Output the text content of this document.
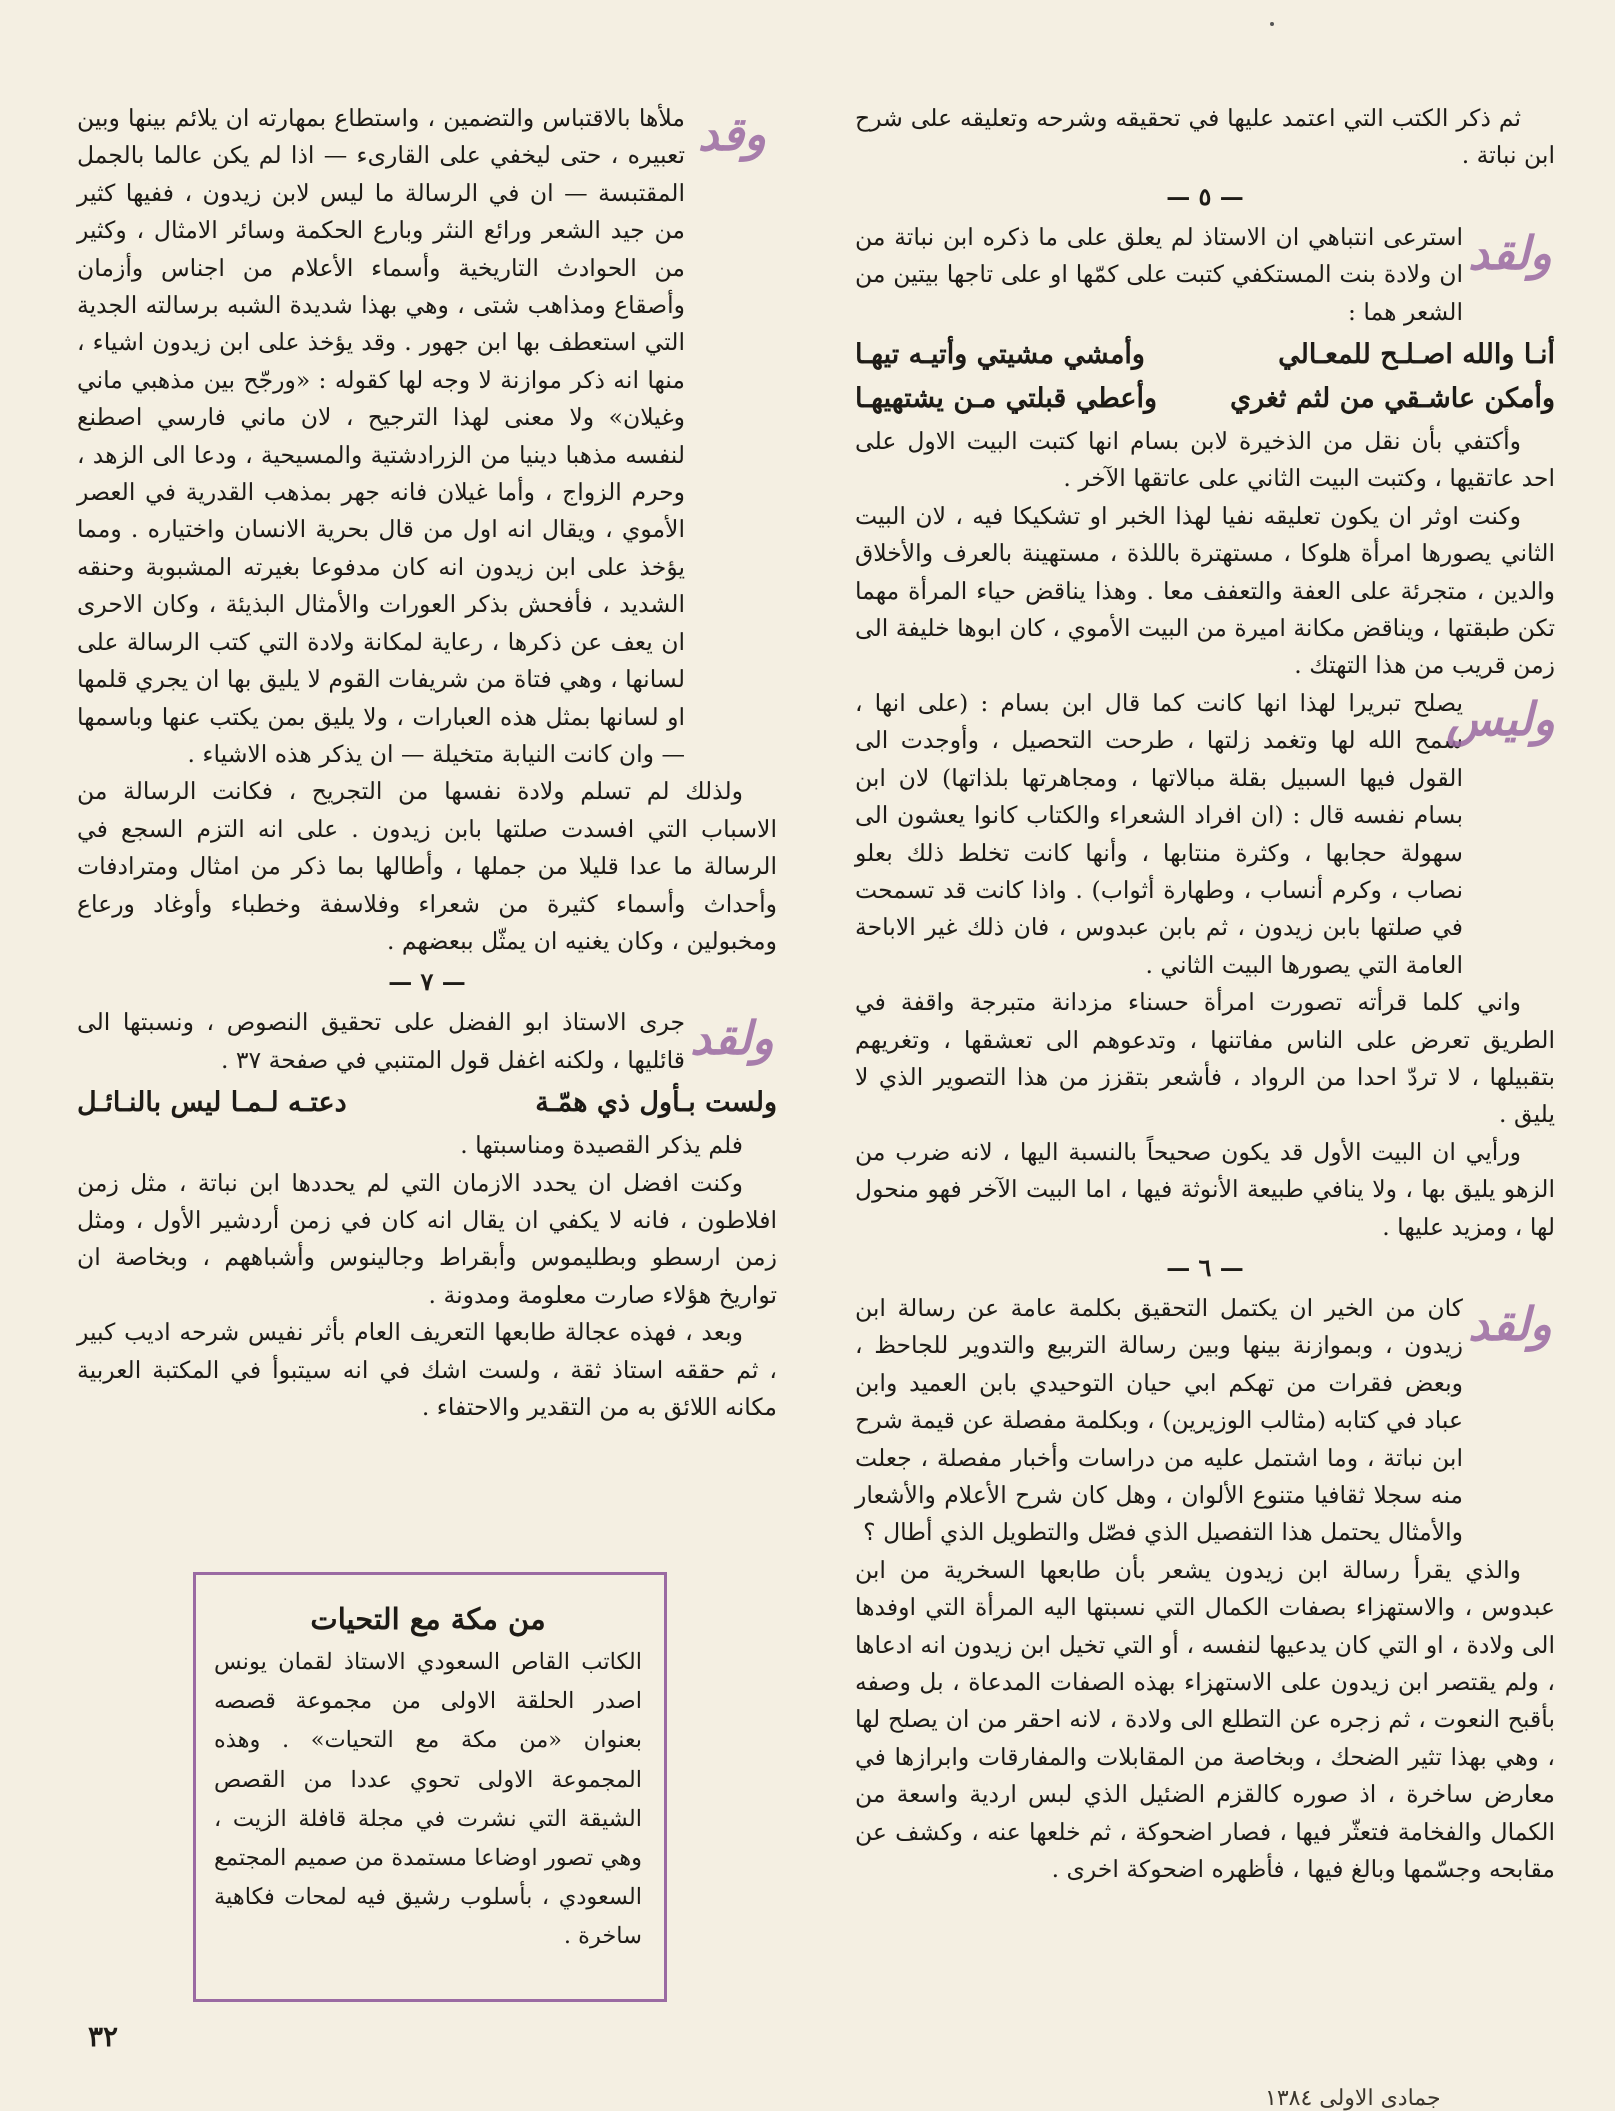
ثم ذكر الكتب التي اعتمد عليها في تحقيقه وشرحه وتعليقه على شرح ابن نباتة .

— ٥ —
ولقد

استرعى انتباهي ان الاستاذ لم يعلق على ما ذكره ابن نباتة من ان ولادة بنت المستكفي كتبت على كمّها او على تاجها بيتين من الشعر هما :

أنـا والله اصـلـح للمعـالي
وأمشي مشيتي وأتيـه تيهـا
وأمكن عاشـقي من لثم ثغري
وأعطي قبلتي مـن يشتهيهـا

وأكتفي بأن نقل من الذخيرة لابن بسام انها كتبت البيت الاول على احد عاتقيها ، وكتبت البيت الثاني على عاتقها الآخر .

وكنت اوثر ان يكون تعليقه نفيا لهذا الخبر او تشكيكا فيه ، لان البيت الثاني يصورها امرأة هلوكا ، مستهترة باللذة ، مستهينة بالعرف والأخلاق والدين ، متجرئة على العفة والتعفف معا . وهذا يناقض حياء المرأة مهما تكن طبقتها ، ويناقض مكانة اميرة من البيت الأموي ، كان ابوها خليفة الى زمن قريب من هذا التهتك .

وليس

يصلح تبريرا لهذا انها كانت كما قال ابن بسام : (على انها ، سمح الله لها وتغمد زلتها ، طرحت التحصيل ، وأوجدت الى القول فيها السبيل بقلة مبالاتها ، ومجاهرتها بلذاتها) لان ابن بسام نفسه قال : (ان افراد الشعراء والكتاب كانوا يعشون الى سهولة حجابها ، وكثرة منتابها ، وأنها كانت تخلط ذلك بعلو نصاب ، وكرم أنساب ، وطهارة أثواب) . واذا كانت قد تسمحت في صلتها بابن زيدون ، ثم بابن عبدوس ، فان ذلك غير الاباحة العامة التي يصورها البيت الثاني .

واني كلما قرأته تصورت امرأة حسناء مزدانة متبرجة واقفة في الطريق تعرض على الناس مفاتنها ، وتدعوهم الى تعشقها ، وتغريهم بتقبيلها ، لا تردّ احدا من الرواد ، فأشعر بتقزز من هذا التصوير الذي لا يليق .

ورأيي ان البيت الأول قد يكون صحيحاً بالنسبة اليها ، لانه ضرب من الزهو يليق بها ، ولا ينافي طبيعة الأنوثة فيها ، اما البيت الآخر فهو منحول لها ، ومزيد عليها .

— ٦ —
ولقد

كان من الخير ان يكتمل التحقيق بكلمة عامة عن رسالة ابن زيدون ، وبموازنة بينها وبين رسالة التربيع والتدوير للجاحظ ، وبعض فقرات من تهكم ابي حيان التوحيدي بابن العميد وابن عباد في كتابه (مثالب الوزيرين) ، وبكلمة مفصلة عن قيمة شرح ابن نباتة ، وما اشتمل عليه من دراسات وأخبار مفصلة ، جعلت منه سجلا ثقافيا متنوع الألوان ، وهل كان شرح الأعلام والأشعار والأمثال يحتمل هذا التفصيل الذي فصّل والتطويل الذي أطال ؟

والذي يقرأ رسالة ابن زيدون يشعر بأن طابعها السخرية من ابن عبدوس ، والاستهزاء بصفات الكمال التي نسبتها اليه المرأة التي اوفدها الى ولادة ، او التي كان يدعيها لنفسه ، أو التي تخيل ابن زيدون انه ادعاها ، ولم يقتصر ابن زيدون على الاستهزاء بهذه الصفات المدعاة ، بل وصفه بأقبح النعوت ، ثم زجره عن التطلع الى ولادة ، لانه احقر من ان يصلح لها ، وهي بهذا تثير الضحك ، وبخاصة من المقابلات والمفارقات وابرازها في معارض ساخرة ، اذ صوره كالقزم الضئيل الذي لبس اردية واسعة من الكمال والفخامة فتعثّر فيها ، فصار اضحوكة ، ثم خلعها عنه ، وكشف عن مقابحه وجسّمها وبالغ فيها ، فأظهره اضحوكة اخرى .

وقد

ملأها بالاقتباس والتضمين ، واستطاع بمهارته ان يلائم بينها وبين تعبيره ، حتى ليخفي على القارىء — اذا لم يكن عالما بالجمل المقتبسة — ان في الرسالة ما ليس لابن زيدون ، ففيها كثير من جيد الشعر ورائع النثر وبارع الحكمة وسائر الامثال ، وكثير من الحوادث التاريخية وأسماء الأعلام من اجناس وأزمان وأصقاع ومذاهب شتى ، وهي بهذا شديدة الشبه برسالته الجدية التي استعطف بها ابن جهور . وقد يؤخذ على ابن زيدون اشياء ، منها انه ذكر موازنة لا وجه لها كقوله : «ورجّح بين مذهبي ماني وغيلان» ولا معنى لهذا الترجيح ، لان ماني فارسي اصطنع لنفسه مذهبا دينيا من الزرادشتية والمسيحية ، ودعا الى الزهد ، وحرم الزواج ، وأما غيلان فانه جهر بمذهب القدرية في العصر الأموي ، ويقال انه اول من قال بحرية الانسان واختياره . ومما يؤخذ على ابن زيدون انه كان مدفوعا بغيرته المشبوبة وحنقه الشديد ، فأفحش بذكر العورات والأمثال البذيئة ، وكان الاحرى ان يعف عن ذكرها ، رعاية لمكانة ولادة التي كتب الرسالة على لسانها ، وهي فتاة من شريفات القوم لا يليق بها ان يجري قلمها او لسانها بمثل هذه العبارات ، ولا يليق بمن يكتب عنها وباسمها — وان كانت النيابة متخيلة — ان يذكر هذه الاشياء .

ولذلك لم تسلم ولادة نفسها من التجريح ، فكانت الرسالة من الاسباب التي افسدت صلتها بابن زيدون . على انه التزم السجع في الرسالة ما عدا قليلا من جملها ، وأطالها بما ذكر من امثال ومترادفات وأحداث وأسماء كثيرة من شعراء وفلاسفة وخطباء وأوغاد ورعاع ومخبولين ، وكان يغنيه ان يمثّل ببعضهم .

— ٧ —
ولقد

جرى الاستاذ ابو الفضل على تحقيق النصوص ، ونسبتها الى قائليها ، ولكنه اغفل قول المتنبي في صفحة ٣٧ .

ولست بـأول ذي همّـة
دعتـه لـمـا ليس بالنـائـل

فلم يذكر القصيدة ومناسبتها .

وكنت افضل ان يحدد الازمان التي لم يحددها ابن نباتة ، مثل زمن افلاطون ، فانه لا يكفي ان يقال انه كان في زمن أردشير الأول ، ومثل زمن ارسطو وبطليموس وأبقراط وجالينوس وأشباههم ، وبخاصة ان تواريخ هؤلاء صارت معلومة ومدونة .

وبعد ، فهذه عجالة طابعها التعريف العام بأثر نفيس شرحه اديب كبير ، ثم حققه استاذ ثقة ، ولست اشك في انه سيتبوأ في المكتبة العربية مكانه اللائق به من التقدير والاحتفاء .

من مكة مع التحيات

الكاتب القاص السعودي الاستاذ لقمان يونس اصدر الحلقة الاولى من مجموعة قصصه بعنوان «من مكة مع التحيات» . وهذه المجموعة الاولى تحوي عددا من القصص الشيقة التي نشرت في مجلة قافلة الزيت ، وهي تصور اوضاعا مستمدة من صميم المجتمع السعودي ، بأسلوب رشيق فيه لمحات فكاهية ساخرة .

٣٢
جمادى الاولى ١٣٨٤
